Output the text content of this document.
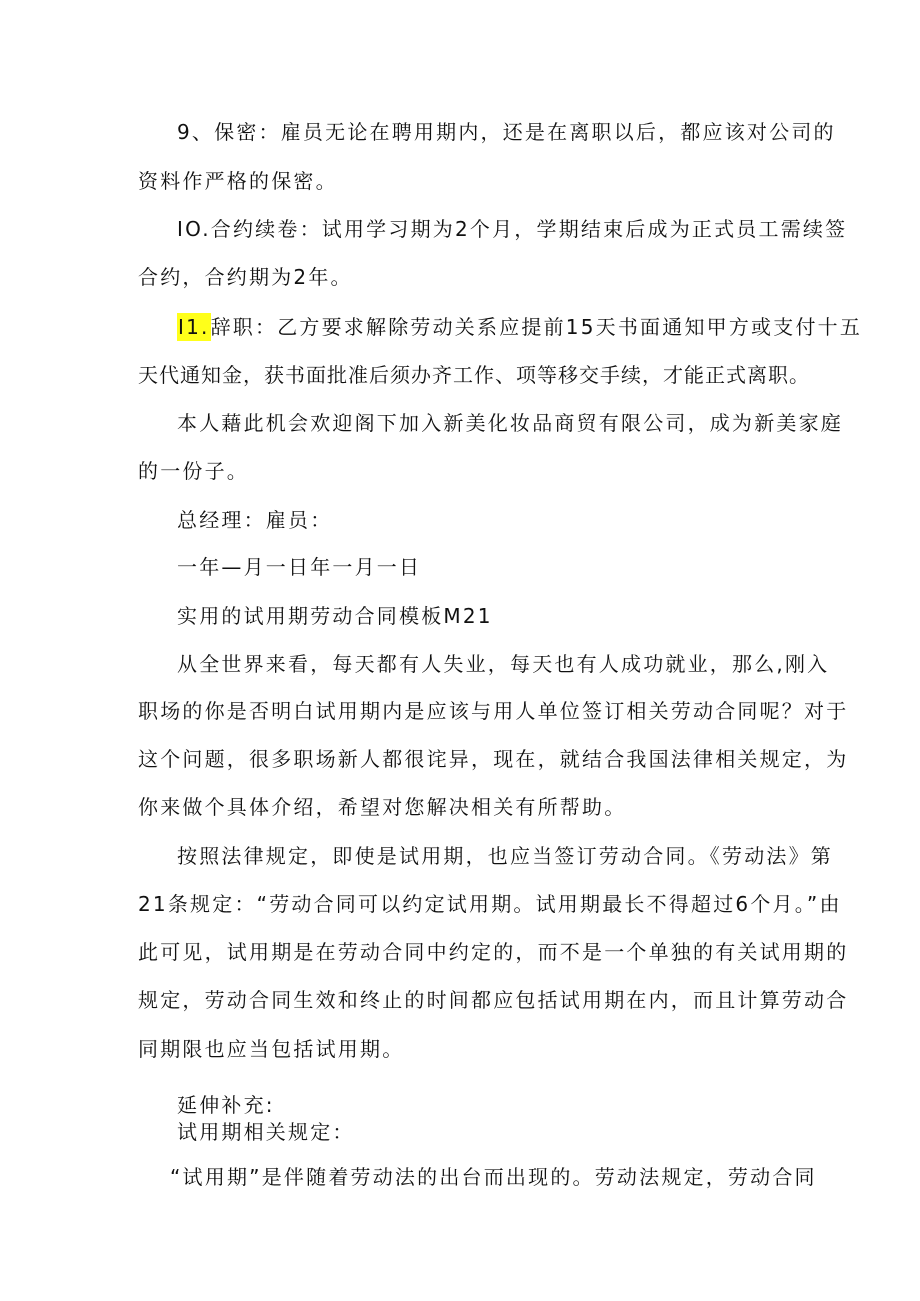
9、保密：雇员无论在聘用期内，还是在离职以后，都应该对公司的
资料作严格的保密。
IO.合约续卷：试用学习期为2个月，学期结束后成为正式员工需续签
合约，合约期为2年。
I1.辞职：乙方要求解除劳动关系应提前15天书面通知甲方或支付十五
天代通知金，获书面批准后须办齐工作、项等移交手续，才能正式离职。
本人藉此机会欢迎阁下加入新美化妆品商贸有限公司，成为新美家庭
的一份子。
总经理：雇员：
一年—月一日年一月一日
实用的试用期劳动合同模板M21
从全世界来看，每天都有人失业，每天也有人成功就业，那么,刚入
职场的你是否明白试用期内是应该与用人单位签订相关劳动合同呢？对于
这个问题，很多职场新人都很诧异，现在，就结合我国法律相关规定，为
你来做个具体介绍，希望对您解决相关有所帮助。
按照法律规定，即使是试用期，也应当签订劳动合同。《劳动法》第
21条规定：“劳动合同可以约定试用期。试用期最长不得超过6个月。”由
此可见，试用期是在劳动合同中约定的，而不是一个单独的有关试用期的
规定，劳动合同生效和终止的时间都应包括试用期在内，而且计算劳动合
同期限也应当包括试用期。
延伸补充:
试用期相关规定：
“试用期”是伴随着劳动法的出台而出现的。劳动法规定，劳动合同
